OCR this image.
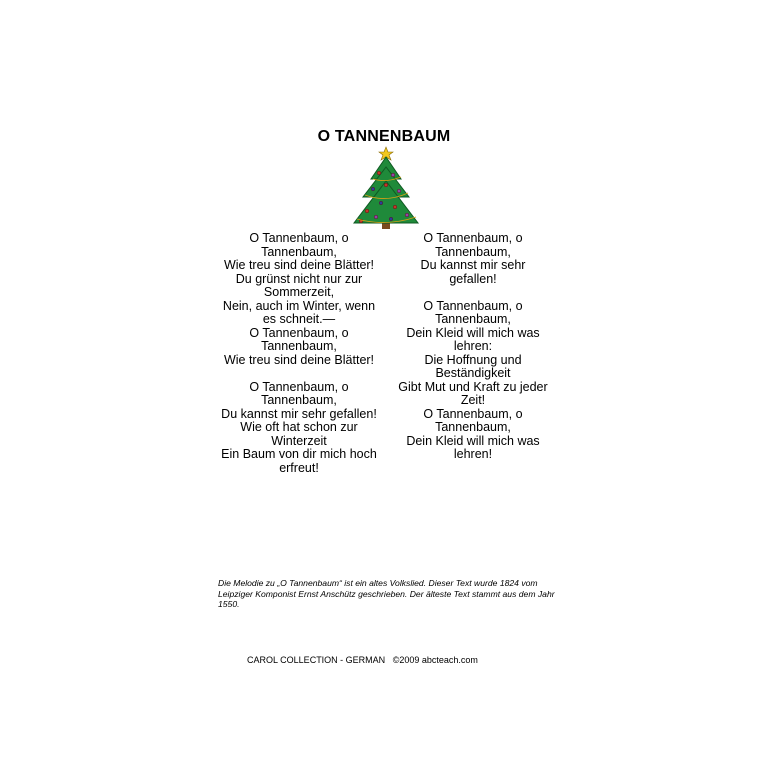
O TANNENBAUM

O Tannenbaum, o

Tannenbaum,

Wie treu sind deine Blätter!

Du grünst nicht nur zur

Sommerzeit,

Nein, auch im Winter, wenn

es schneit.—

O Tannenbaum, o

Tannenbaum,

Wie treu sind deine Blätter!

O Tannenbaum, o

Tannenbaum,

Du kannst mir sehr gefallen!

Wie oft hat schon zur

Winterzeit

Ein Baum von dir mich hoch

erfreut!

O Tannenbaum, o

Tannenbaum,

Du kannst mir sehr gefallen!

O Tannenbaum, o

Tannenbaum,

Dein Kleid will mich was

lehren:

Die Hoffnung und

Beständigkeit

Gibt Mut und Kraft zu jeder

Zeit!

O Tannenbaum, o

Tannenbaum,

Dein Kleid will mich was

lehren!

Die Melodie zu „O Tannenbaum“ ist ein altes Volkslied. Dieser Text wurde 1824 vom Leipziger Komponist Ernst Anschütz geschrieben. Der älteste Text stammt aus dem Jahr 1550.
CAROL COLLECTION - GERMAN ©2009 abcteach.com
